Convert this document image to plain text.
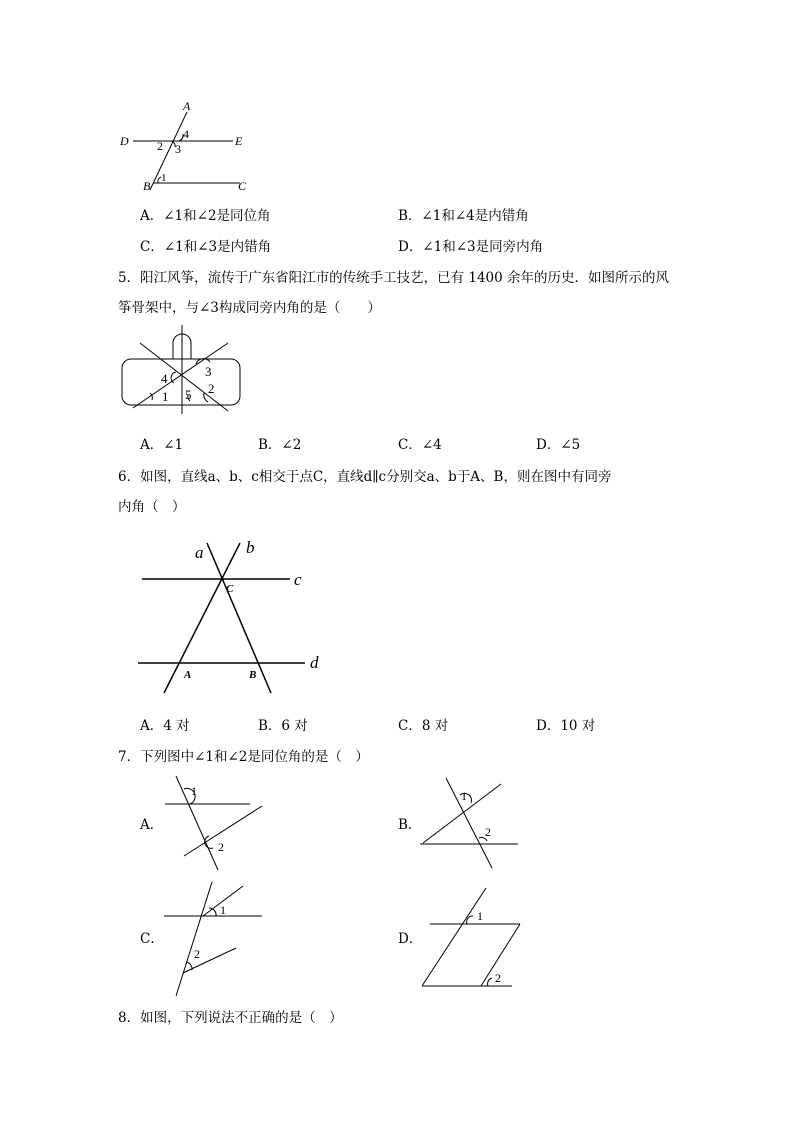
A
D	E
B	C
4
2 3
1
A．∠1和∠2是同位角	B．∠1和∠4是内错角
C．∠1和∠3是内错角	D．∠1和∠3是同旁内角
5．阳江风筝，流传于广东省阳江市的传统手工技艺，已有 1400 余年的历史．如图所示的风
筝骨架中，与∠3构成同旁内角的是（　　）
3
4
2
1 5
A．∠1	B．∠2	C．∠4	D．∠5
6．如图，直线a、b、c相交于点C，直线d∥c分别交a、b于A、B，则在图中有同旁
内角（　）
a	b
c
d
C
A	B
A．4 对	B．6 对	C．8 对	D．10 对
7．下列图中∠1和∠2是同位角的是（　）
A．	B．
C．	D．
1
2
1
2
1
2
1
2
8．如图，下列说法不正确的是（　）
